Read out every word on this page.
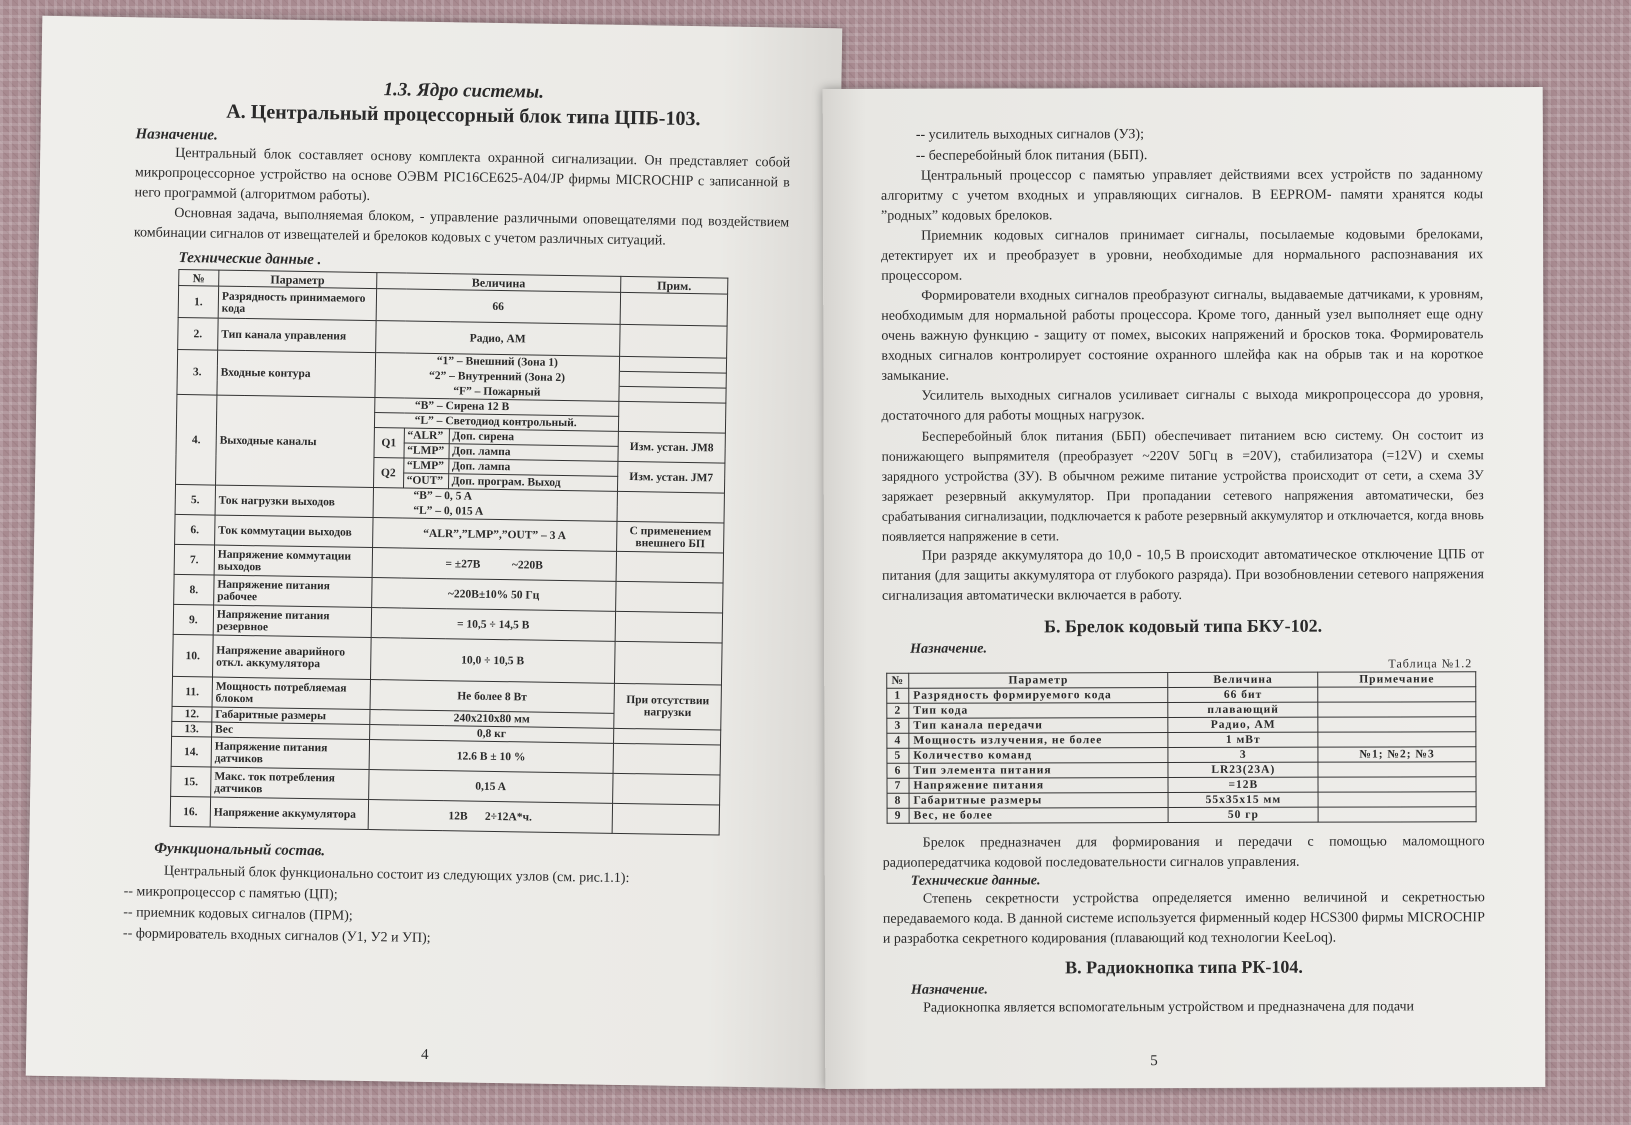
1.3. Ядро системы.
А. Центральный процессорный блок типа ЦПБ-103.
Назначение.

Центральный блок составляет основу комплекта охранной сигнализации. Он представляет собой микропроцессорное устройство на основе ОЭВМ PIC16CE625-А04/JP фирмы MICROCHIP с записанной в него программой (алгоритмом работы).

Основная задача, выполняемая блоком, - управление различными оповещателями под воздействием комбинации сигналов от извещателей и брелоков кодовых с учетом различных ситуаций.

Технические данные .
№	Параметр	Величина			Прим.
1.	Разрядность принимаемого кода	66			
2.	Тип канала управления	Радио, АМ			
3.	Входные контура	“1” – Внешний (Зона 1)			
		“2” – Внутренний (Зона 2)			
		“F” – Пожарный			
4.	Выходные каналы	“B” – Сирена 12 В			
		“L” – Светодиод контрольный.			
		Q1	“ALR”	Доп. сирена	Изм. устан. JM8
			“LMP”	Доп. лампа	
		Q2	“LMP”	Доп. лампа	Изм. устан. JM7
			“OUT”	Доп. програм. Выход	
5.	Ток нагрузки выходов	“B” – 0, 5 A			
		“L” – 0, 015 A			
6.	Ток коммутации выходов	“ALR”,”LMP”,”OUT” – 3 A			С применением внешнего БП
7.	Напряжение коммутации выходов	= ±27В           ~220В			
8.	Напряжение питания рабочее	~220В±10% 50 Гц			
9.	Напряжение питания резервное	= 10,5 ÷ 14,5 В			
10.	Напряжение аварийного откл. аккумулятора	10,0 ÷ 10,5 В			
11.	Мощность потребляемая блоком	Не более 8 Вт			При отсутствии нагрузки
12.	Габаритные размеры	240х210х80 мм			
13.	Вес	0,8 кг			
14.	Напряжение питания датчиков	12.6 В ± 10 %			
15.	Макс. ток потребления датчиков	0,15 A			
16.	Напряжение аккумулятора	12В      2÷12А*ч.			
Функциональный состав.

Центральный блок функционально состоит из следующих узлов (см. рис.1.1):

-- микропроцессор с памятью (ЦП);

-- приемник кодовых сигналов (ПРМ);

-- формирователь входных сигналов (У1, У2 и УП);

4

-- усилитель выходных сигналов (УЗ);

-- бесперебойный блок питания (ББП).

Центральный процессор с памятью управляет действиями всех устройств по заданному алгоритму с учетом входных и управляющих сигналов. В EEPROM- памяти хранятся коды ”родных” кодовых брелоков.

Приемник кодовых сигналов принимает сигналы, посылаемые кодовыми брелоками, детектирует их и преобразует в уровни, необходимые для нормального распознавания их процессором.

Формирователи входных сигналов преобразуют сигналы, выдаваемые датчиками, к уровням, необходимым для нормальной работы процессора. Кроме того, данный узел выполняет еще одну очень важную функцию - защиту от помех, высоких напряжений и бросков тока. Формирователь входных сигналов контролирует состояние охранного шлейфа как на обрыв так и на короткое замыкание.

Усилитель выходных сигналов усиливает сигналы с выхода микропроцессора до уровня, достаточного для работы мощных нагрузок.

Бесперебойный блок питания (ББП) обеспечивает питанием всю систему. Он состоит из понижающего выпрямителя (преобразует ~220V 50Гц в =20V), стабилизатора (=12V) и схемы зарядного устройства (ЗУ). В обычном режиме питание устройства происходит от сети, а схема ЗУ заряжает резервный аккумулятор. При пропадании сетевого напряжения автоматически, без срабатывания сигнализации, подключается к работе резервный аккумулятор и отключается, когда вновь появляется напряжение в сети.

При разряде аккумулятора до 10,0 - 10,5 В происходит автоматическое отключение ЦПБ от питания (для защиты аккумулятора от глубокого разряда). При возобновлении сетевого напряжения сигнализация автоматически включается в работу.

Б. Брелок кодовый типа БКУ-102.
Назначение.
Таблица №1.2
№	Параметр	Величина	Примечание
1	Разрядность формируемого кода	66 бит	
2	Тип кода	плавающий	
3	Тип канала передачи	Радио, АМ	
4	Мощность излучения, не более	1 мВт	
5	Количество команд	3	№1; №2; №3
6	Тип элемента питания	LR23(23A)	
7	Напряжение питания	=12В	
8	Габаритные размеры	55х35х15 мм	
9	Вес, не более	50 гр	

Брелок предназначен для формирования и передачи с помощью маломощного радиопередатчика кодовой последовательности сигналов управления.

Технические данные.

Степень секретности устройства определяется именно величиной и секретностью передаваемого кода. В данной системе используется фирменный кодер HCS300 фирмы MICROCHIP и разработка секретного кодирования (плавающий код технологии KeeLoq).

В. Радиокнопка типа РК-104.
Назначение.

Радиокнопка является вспомогательным устройством и предназначена для подачи

5
